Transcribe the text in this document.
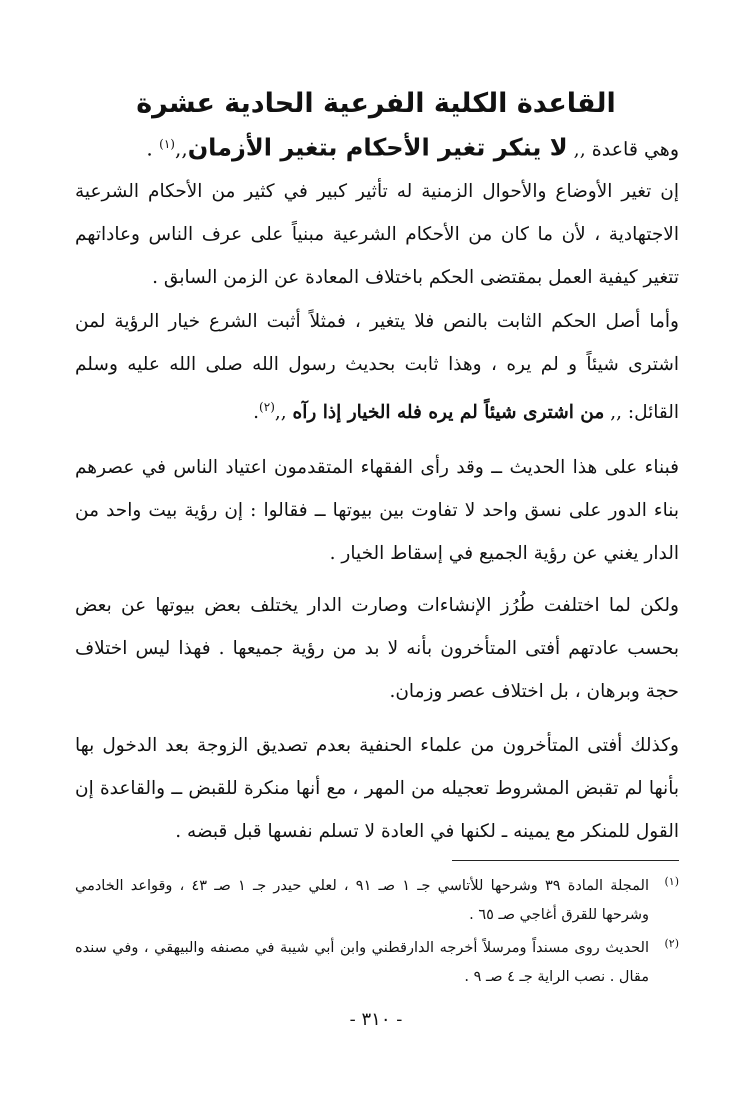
القاعدة الكلية الفرعية الحادية عشرة
وهي قاعدة ,, لا ينكر تغير الأحكام بتغير الأزمان,,$^{(١)}$ .

إن تغير الأوضاع والأحوال الزمنية له تأثير كبير في كثير من الأحكام الشرعية الاجتهادية ، لأن ما كان من الأحكام الشرعية مبنياً على عرف الناس وعاداتهم تتغير كيفية العمل بمقتضى الحكم باختلاف المعادة عن الزمن السابق .

وأما أصل الحكم الثابت بالنص فلا يتغير ، فمثلاً أثبت الشرع خيار الرؤية لمن اشترى شيئاً و لم يره ، وهذا ثابت بحديث رسول الله صلى الله عليه وسلم القائل: ,, من اشترى شيئاً لم يره فله الخيار إذا رآه ,,$^{(٢)}$.

فبناء على هذا الحديث ــ وقد رأى الفقهاء المتقدمون اعتياد الناس في عصرهم بناء الدور على نسق واحد لا تفاوت بين بيوتها ــ فقالوا : إن رؤية بيت واحد من الدار يغني عن رؤية الجميع في إسقاط الخيار .

ولكن لما اختلفت طُرُز الإنشاءات وصارت الدار يختلف بعض بيوتها عن بعض بحسب عادتهم أفتى المتأخرون بأنه لا بد من رؤية جميعها . فهذا ليس اختلاف حجة وبرهان ، بل اختلاف عصر وزمان.

وكذلك أفتى المتأخرون من علماء الحنفية بعدم تصديق الزوجة بعد الدخول بها بأنها لم تقبض المشروط تعجيله من المهر ، مع أنها منكرة للقبض ــ والقاعدة إن القول للمنكر مع يمينه ـ لكنها في العادة لا تسلم نفسها قبل قبضه .

(١)
المجلة المادة ٣٩ وشرحها للأتاسي جـ ١ صـ ٩١ ، لعلي حيدر جـ ١ صـ ٤٣ ، وقواعد الخادمي وشرحها للقرق أغاجي صـ ٦٥ .
(٢)
الحديث روى مسنداً ومرسلاً أخرجه الدارقطني وابن أبي شيبة في مصنفه والبيهقي ، وفي سنده مقال . نصب الراية جـ ٤ صـ ٩ .
- ٣١٠ -
